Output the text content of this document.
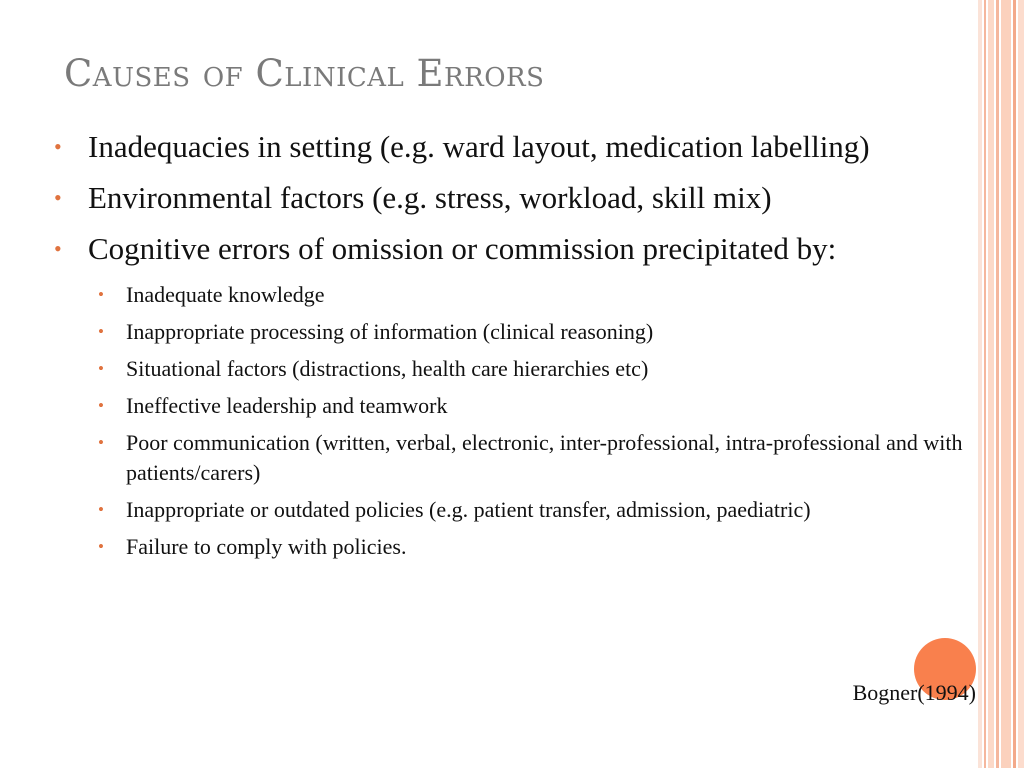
Causes of Clinical Errors
• Inadequacies in setting (e.g. ward layout, medication labelling)
• Environmental factors (e.g. stress, workload, skill mix)
• Cognitive errors of omission or commission precipitated by:
• Inadequate knowledge
• Inappropriate processing of information (clinical reasoning)
• Situational factors (distractions, health care hierarchies etc)
• Ineffective leadership and teamwork
• Poor communication (written, verbal, electronic, inter-professional, intra-professional and with patients/carers)
• Inappropriate or outdated policies (e.g. patient transfer, admission, paediatric)
• Failure to comply with policies.
Bogner(1994)
